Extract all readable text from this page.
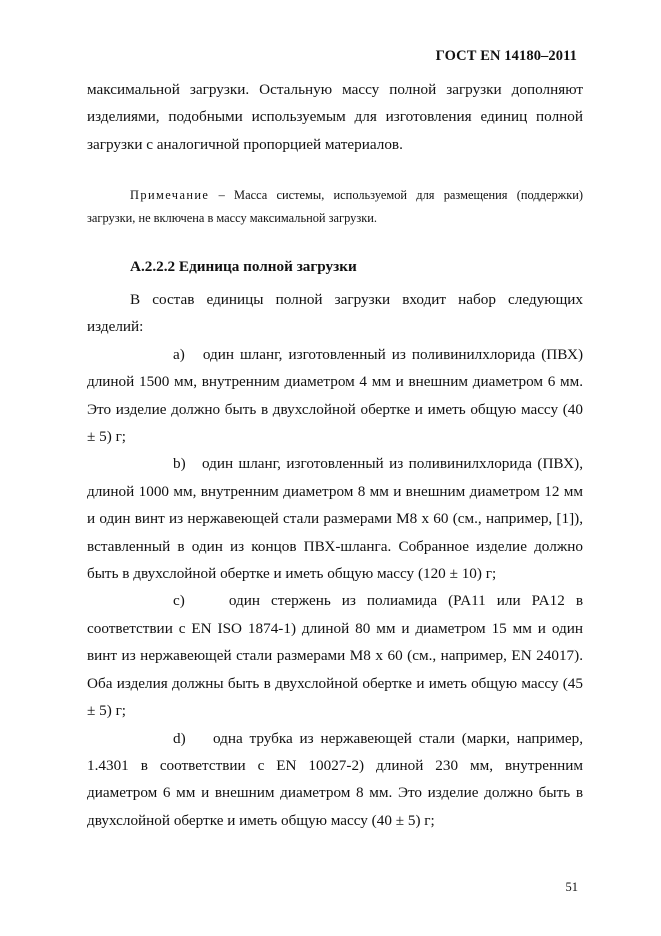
ГОСТ EN 14180–2011

максимальной загрузки. Остальную массу полной загрузки дополняют изделиями, подобными используемым для изготовления единиц полной загрузки с аналогичной пропорцией материалов.

Примечание – Масса системы, используемой для размещения (поддержки) загрузки, не включена в массу максимальной загрузки.

А.2.2.2 Единица полной загрузки

В состав единицы полной загрузки входит набор следующих изделий:

а) один шланг, изготовленный из поливинилхлорида (ПВХ) длиной 1500 мм, внутренним диаметром 4 мм и внешним диаметром 6 мм. Это изделие должно быть в двухслойной обертке и иметь общую массу (40 ± 5) г;

b) один шланг, изготовленный из поливинилхлорида (ПВХ), длиной 1000 мм, внутренним диаметром 8 мм и внешним диаметром 12 мм и один винт из нержавеющей стали размерами М8 х 60 (см., например, [1]), вставленный в один из концов ПВХ-шланга. Собранное изделие должно быть в двухслойной обертке и иметь общую массу (120 ± 10) г;

c)	один стержень из полиамида (PA11 или PA12 в соответствии с EN ISO 1874-1) длиной 80 мм и диаметром 15 мм и один винт из нержавеющей стали размерами М8 х 60 (см., например, EN 24017). Оба изделия должны быть в двухслойной обертке и иметь общую массу (45 ± 5) г;

d) одна трубка из нержавеющей стали (марки, например, 1.4301 в соответствии с EN 10027-2) длиной 230 мм, внутренним диаметром 6 мм и внешним диаметром 8 мм. Это изделие должно быть в двухслойной обертке и иметь общую массу (40 ± 5) г;

51
